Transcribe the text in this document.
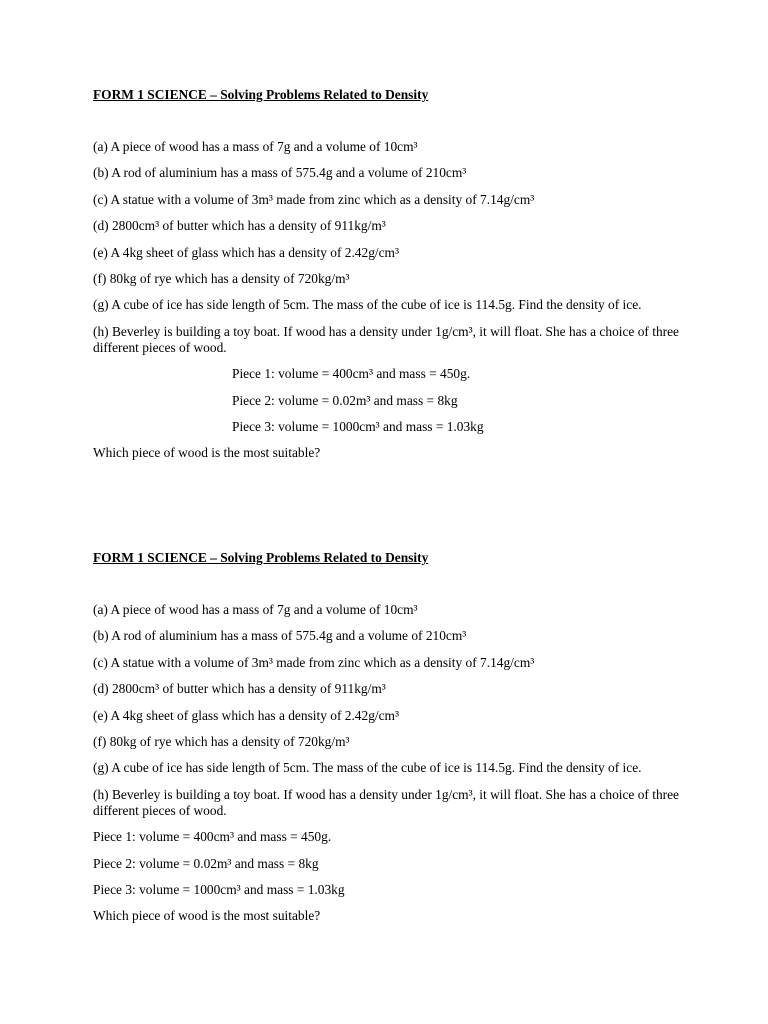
FORM 1 SCIENCE – Solving Problems Related to Density

(a) A piece of wood has a mass of 7g and a volume of 10cm³

(b) A rod of aluminium has a mass of 575.4g and a volume of 210cm³

(c) A statue with a volume of 3m³ made from zinc which as a density of 7.14g/cm³

(d) 2800cm³ of butter which has a density of 911kg/m³

(e) A 4kg sheet of glass which has a density of 2.42g/cm³

(f) 80kg of rye which has a density of 720kg/m³

(g) A cube of ice has side length of 5cm. The mass of the cube of ice is 114.5g. Find the density of ice.

(h) Beverley is building a toy boat. If wood has a density under 1g/cm³, it will float. She has a choice of three different pieces of wood.

Piece 1: volume = 400cm³ and mass = 450g.

Piece 2: volume = 0.02m³ and mass = 8kg

Piece 3: volume = 1000cm³ and mass = 1.03kg

Which piece of wood is the most suitable?

FORM 1 SCIENCE – Solving Problems Related to Density

(a) A piece of wood has a mass of 7g and a volume of 10cm³

(b) A rod of aluminium has a mass of 575.4g and a volume of 210cm³

(c) A statue with a volume of 3m³ made from zinc which as a density of 7.14g/cm³

(d) 2800cm³ of butter which has a density of 911kg/m³

(e) A 4kg sheet of glass which has a density of 2.42g/cm³

(f) 80kg of rye which has a density of 720kg/m³

(g) A cube of ice has side length of 5cm. The mass of the cube of ice is 114.5g. Find the density of ice.

(h) Beverley is building a toy boat. If wood has a density under 1g/cm³, it will float. She has a choice of three different pieces of wood.

Piece 1: volume = 400cm³ and mass = 450g.

Piece 2: volume = 0.02m³ and mass = 8kg

Piece 3: volume = 1000cm³ and mass = 1.03kg

Which piece of wood is the most suitable?
